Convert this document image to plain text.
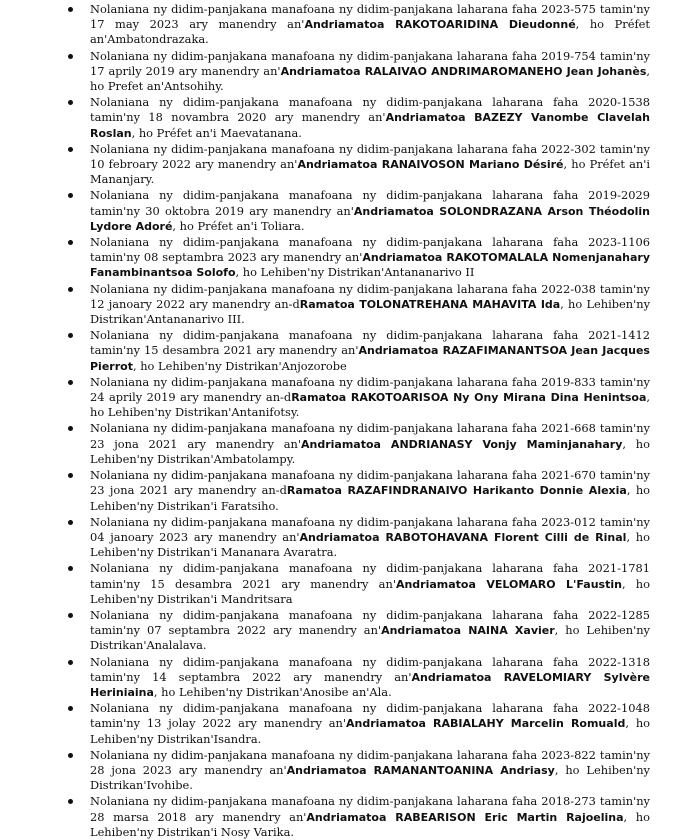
Nolaniana ny didim-panjakana manafoana ny didim-panjakana laharana faha 2023-575 tamin'ny 17 may 2023 ary manendry an'Andriamatoa RAKOTOARIDINA Dieudonné, ho Préfet an'Ambatondrazaka.
Nolaniana ny didim-panjakana manafoana ny didim-panjakana laharana faha 2019-754 tamin'ny 17 aprily 2019 ary manendry an'Andriamatoa RALAIVAO ANDRIMAROMANEHO Jean Johanès, ho Prefet an'Antsohihy.
Nolaniana ny didim-panjakana manafoana ny didim-panjakana laharana faha 2020-1538 tamin'ny 18 novambra 2020 ary manendry an'Andriamatoa BAZEZY Vanombe Clavelah Roslan, ho Préfet an'i Maevatanana.
Nolaniana ny didim-panjakana manafoana ny didim-panjakana laharana faha 2022-302 tamin'ny 10 febroary 2022 ary manendry an'Andriamatoa RANAIVOSON Mariano Désiré, ho Préfet an'i Mananjary.
Nolaniana ny didim-panjakana manafoana ny didim-panjakana laharana faha 2019-2029 tamin'ny 30 oktobra 2019 ary manendry an'Andriamatoa SOLONDRAZANA Arson Théodolin Lydore Adoré, ho Préfet an'i Toliara.
Nolaniana ny didim-panjakana manafoana ny didim-panjakana laharana faha 2023-1106 tamin'ny 08 septambra 2023 ary manendry an'Andriamatoa RAKOTOMALALA Nomenjanahary Fanambinantsoa Solofo, ho Lehiben'ny Distrikan'Antananarivo II
Nolaniana ny didim-panjakana manafoana ny didim-panjakana laharana faha 2022-038 tamin'ny 12 janoary 2022 ary manendry an-dRamatoa TOLONATREHANA MAHAVITA Ida, ho Lehiben'ny Distrikan'Antananarivo III.
Nolaniana ny didim-panjakana manafoana ny didim-panjakana laharana faha 2021-1412 tamin'ny 15 desambra 2021 ary manendry an'Andriamatoa RAZAFIMANANTSOA Jean Jacques Pierrot, ho Lehiben'ny Distrikan'Anjozorobe
Nolaniana ny didim-panjakana manafoana ny didim-panjakana laharana faha 2019-833 tamin'ny 24 aprily 2019 ary manendry an-dRamatoa RAKOTOARISOA Ny Ony Mirana Dina Henintsoa, ho Lehiben'ny Distrikan'Antanifotsy.
Nolaniana ny didim-panjakana manafoana ny didim-panjakana laharana faha 2021-668 tamin'ny 23 jona 2021 ary manendry an'Andriamatoa ANDRIANASY Vonjy Maminjanahary, ho Lehiben'ny Distrikan'Ambatolampy.
Nolaniana ny didim-panjakana manafoana ny didim-panjakana laharana faha 2021-670 tamin'ny 23 jona 2021 ary manendry an-dRamatoa RAZAFINDRANAIVO Harikanto Donnie Alexia, ho Lehiben'ny Distrikan'i Faratsiho.
Nolaniana ny didim-panjakana manafoana ny didim-panjakana laharana faha 2023-012 tamin'ny 04 janoary 2023 ary manendry an'Andriamatoa RABOTOHAVANA Florent Cilli de Rinal, ho Lehiben'ny Distrikan'i Mananara Avaratra.
Nolaniana ny didim-panjakana manafoana ny didim-panjakana laharana faha 2021-1781 tamin'ny 15 desambra 2021 ary manendry an'Andriamatoa VELOMARO L'Faustin, ho Lehiben'ny Distrikan'i Mandritsara
Nolaniana ny didim-panjakana manafoana ny didim-panjakana laharana faha 2022-1285 tamin'ny 07 septambra 2022 ary manendry an'Andriamatoa NAINA Xavier, ho Lehiben'ny Distrikan'Analalava.
Nolaniana ny didim-panjakana manafoana ny didim-panjakana laharana faha 2022-1318 tamin'ny 14 septambra 2022 ary manendry an'Andriamatoa RAVELOMIARY Sylvère Heriniaina, ho Lehiben'ny Distrikan'Anosibe an'Ala.
Nolaniana ny didim-panjakana manafoana ny didim-panjakana laharana faha 2022-1048 tamin'ny 13 jolay 2022 ary manendry an'Andriamatoa RABIALAHY Marcelin Romuald, ho Lehiben'ny Distrikan'Isandra.
Nolaniana ny didim-panjakana manafoana ny didim-panjakana laharana faha 2023-822 tamin'ny 28 jona 2023 ary manendry an'Andriamatoa RAMANANTOANINA Andriasy, ho Lehiben'ny Distrikan'Ivohibe.
Nolaniana ny didim-panjakana manafoana ny didim-panjakana laharana faha 2018-273 tamin'ny 28 marsa 2018 ary manendry an'Andriamatoa RABEARISON Eric Martin Rajoelina, ho Lehiben'ny Distrikan'i Nosy Varika.
